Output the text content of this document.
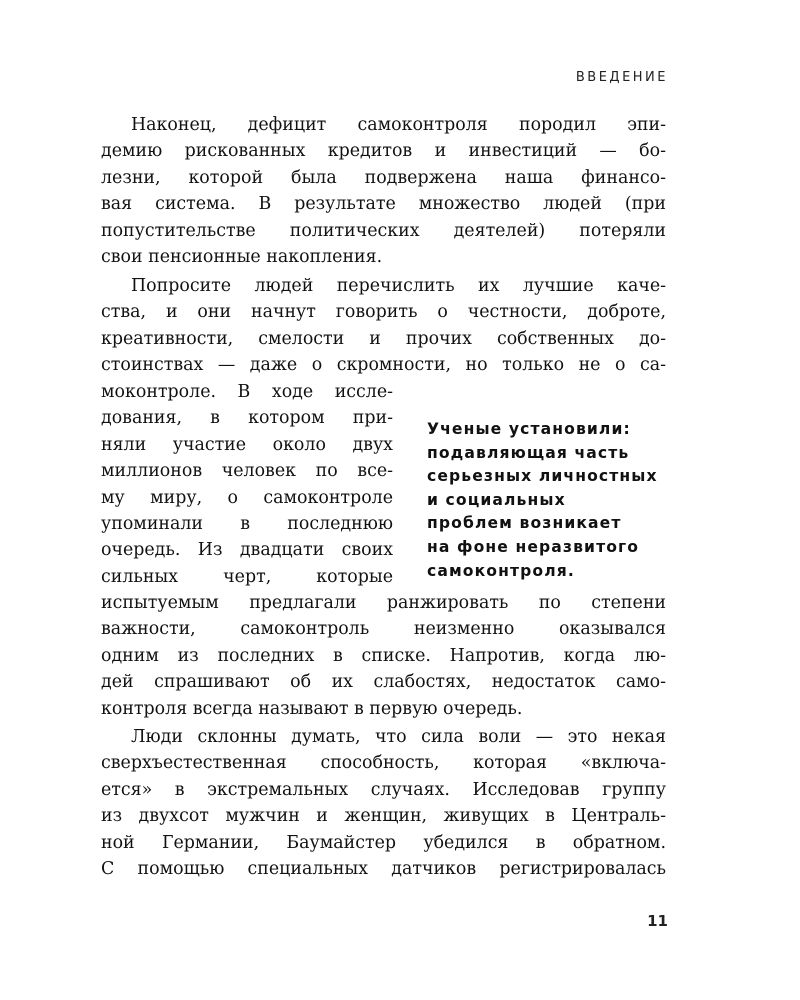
ВВЕДЕНИЕ

Наконец, дефицит самоконтроля породил эпи-

демию рискованных кредитов и инвестиций — бо-

лезни, которой была подвержена наша финансо-

вая система. В результате множество людей (при

попустительстве политических деятелей) потеряли

свои пенсионные накопления.

Попросите людей перечислить их лучшие каче-

ства, и они начнут говорить о честности, доброте,

креативности, смелости и прочих собственных до-

стоинствах — даже о скромности, но только не о са-

моконтроле. В ходе иссле-

дования, в котором при-

няли участие около двух

миллионов человек по все-

му миру, о самоконтроле

упоминали в последнюю

очередь. Из двадцати своих

сильных черт, которые

Ученые установили:
подавляющая часть
серьезных личностных
и социальных
проблем возникает
на фоне неразвитого
самоконтроля.

испытуемым предлагали ранжировать по степени

важности, самоконтроль неизменно оказывался

одним из последних в списке. Напротив, когда лю-

дей спрашивают об их слабостях, недостаток само-

контроля всегда называют в первую очередь.

Люди склонны думать, что сила воли — это некая

сверхъестественная способность, которая «включа-

ется» в экстремальных случаях. Исследовав группу

из двухсот мужчин и женщин, живущих в Централь-

ной Германии, Баумайстер убедился в обратном.

С помощью специальных датчиков регистрировалась

11
